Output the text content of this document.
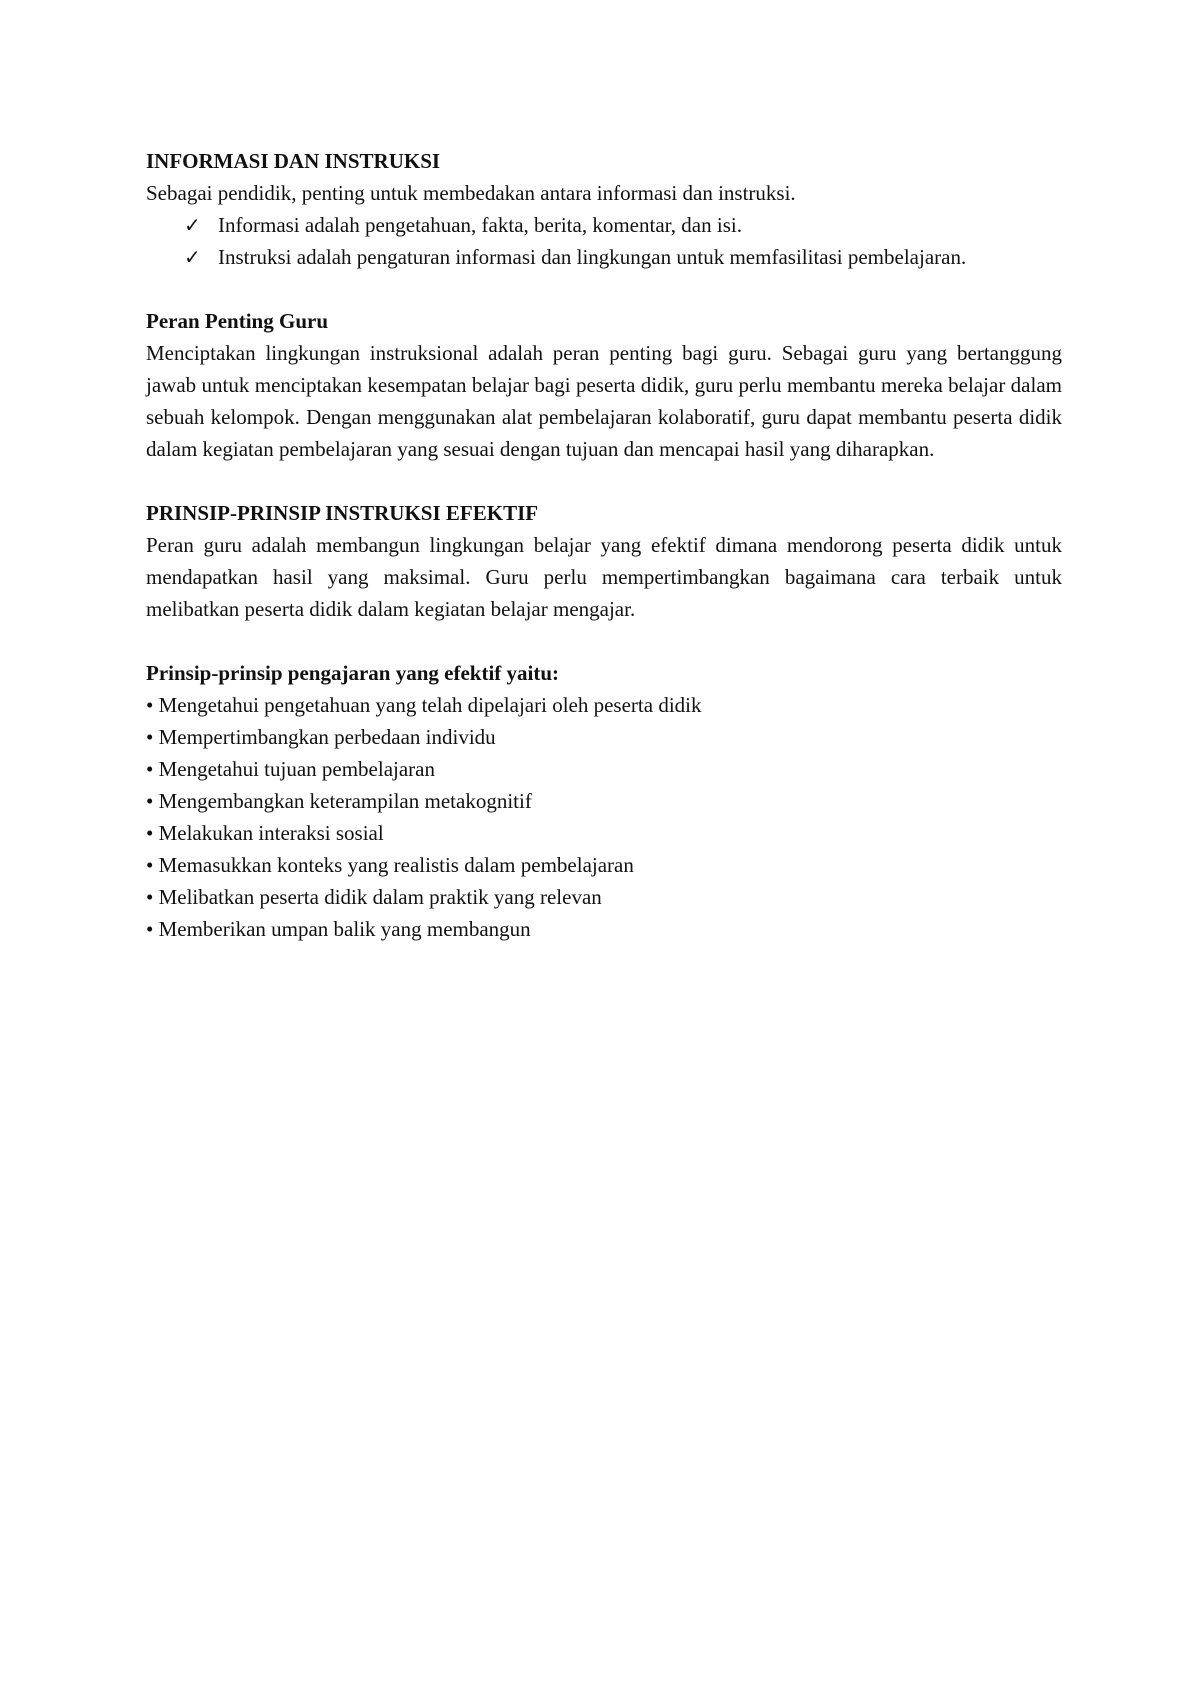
INFORMASI DAN INSTRUKSI

Sebagai pendidik, penting untuk membedakan antara informasi dan instruksi.

✓ Informasi adalah pengetahuan, fakta, berita, komentar, dan isi.
✓ Instruksi adalah pengaturan informasi dan lingkungan untuk memfasilitasi pembelajaran.

Peran Penting Guru

Menciptakan lingkungan instruksional adalah peran penting bagi guru. Sebagai guru yang bertanggung jawab untuk menciptakan kesempatan belajar bagi peserta didik, guru perlu membantu mereka belajar dalam sebuah kelompok. Dengan menggunakan alat pembelajaran kolaboratif, guru dapat membantu peserta didik dalam kegiatan pembelajaran yang sesuai dengan tujuan dan mencapai hasil yang diharapkan.

PRINSIP-PRINSIP INSTRUKSI EFEKTIF

Peran guru adalah membangun lingkungan belajar yang efektif dimana mendorong peserta didik untuk mendapatkan hasil yang maksimal. Guru perlu mempertimbangkan bagaimana cara terbaik untuk melibatkan peserta didik dalam kegiatan belajar mengajar.

Prinsip-prinsip pengajaran yang efektif yaitu:

• Mengetahui pengetahuan yang telah dipelajari oleh peserta didik
• Mempertimbangkan perbedaan individu
• Mengetahui tujuan pembelajaran
• Mengembangkan keterampilan metakognitif
• Melakukan interaksi sosial
• Memasukkan konteks yang realistis dalam pembelajaran
• Melibatkan peserta didik dalam praktik yang relevan
• Memberikan umpan balik yang membangun
